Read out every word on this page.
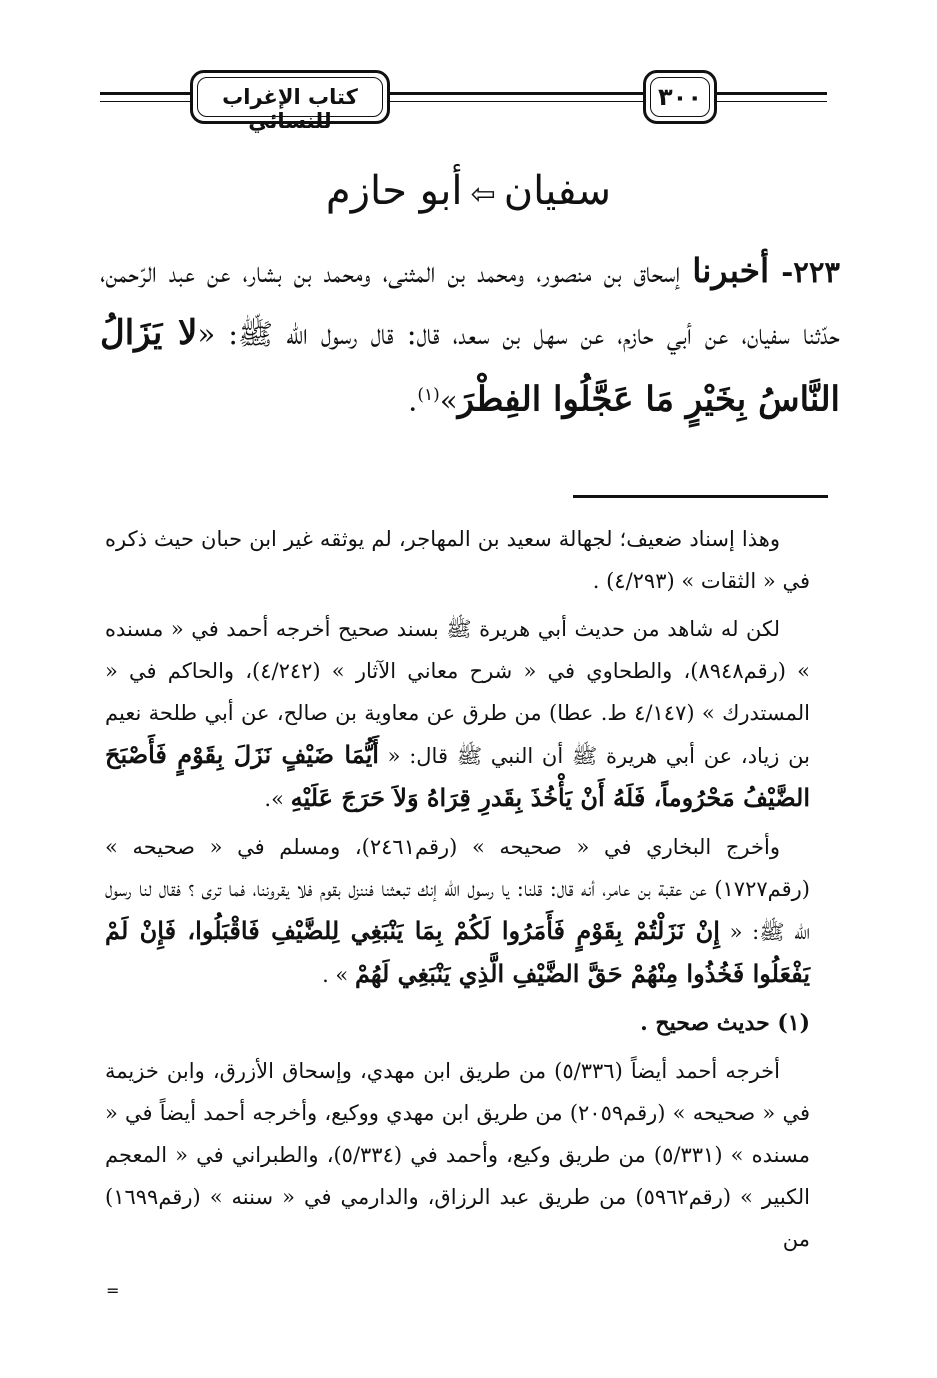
كتاب الإغراب للنسائي
٣٠٠
سفيان⇦أبو حازم
٢٢٣- أخبرنا إسحاق بن منصور، ومحمد بن المثنى، ومحمد بن بشار، عن عبد الرّحمن، حدّثنا سفيان، عن أبي حازم، عن سهل بن سعد، قال: قال رسول الله ﷺ: «لا يَزَالُ النَّاسُ بِخَيْرٍ مَا عَجَّلُوا الفِطْرَ»$^{(١)}$.

وهذا إسناد ضعيف؛ لجهالة سعيد بن المهاجر، لم يوثقه غير ابن حبان حيث ذكره في « الثقات » (٤/٢٩٣) .

لكن له شاهد من حديث أبي هريرة ﷺ بسند صحيح أخرجه أحمد في « مسنده » (رقم٨٩٤٨)، والطحاوي في « شرح معاني الآثار » (٤/٢٤٢)، والحاكم في « المستدرك » (٤/١٤٧ ط. عطا) من طرق عن معاوية بن صالح، عن أبي طلحة نعيم بن زياد، عن أبي هريرة ﷺ أن النبي ﷺ قال: « أَيُّمَا ضَيْفٍ نَزَلَ بِقَوْمٍ فَأَصْبَحَ الضَّيْفُ مَحْرُوماً، فَلَهُ أَنْ يَأْخُذَ بِقَدرِ قِرَاهُ وَلاَ حَرَجَ عَلَيْهِ ».

وأخرج البخاري في « صحيحه » (رقم٢٤٦١)، ومسلم في « صحيحه » (رقم١٧٢٧) عن عقبة بن عامر، أنه قال: قلنا: يا رسول الله إنك تبعثنا فننزل بقوم فلا يقروننا، فما ترى ؟ فقال لنا رسول الله ﷺ: « إِنْ نَزَلْتُمْ بِقَوْمٍ فَأَمَرُوا لَكُمْ بِمَا يَنْبَغِي لِلضَّيْفِ فَاقْبَلُوا، فَإِنْ لَمْ يَفْعَلُوا فَخُذُوا مِنْهُمْ حَقَّ الضَّيْفِ الَّذِي يَنْبَغِي لَهُمْ » .

(١) حديث صحيح .

أخرجه أحمد أيضاً (٥/٣٣٦) من طريق ابن مهدي، وإسحاق الأزرق، وابن خزيمة في « صحيحه » (رقم٢٠٥٩) من طريق ابن مهدي ووكيع، وأخرجه أحمد أيضاً في « مسنده » (٥/٣٣١) من طريق وكيع، وأحمد في (٥/٣٣٤)، والطبراني في « المعجم الكبير » (رقم٥٩٦٢) من طريق عبد الرزاق، والدارمي في « سننه » (رقم١٦٩٩) من

=
